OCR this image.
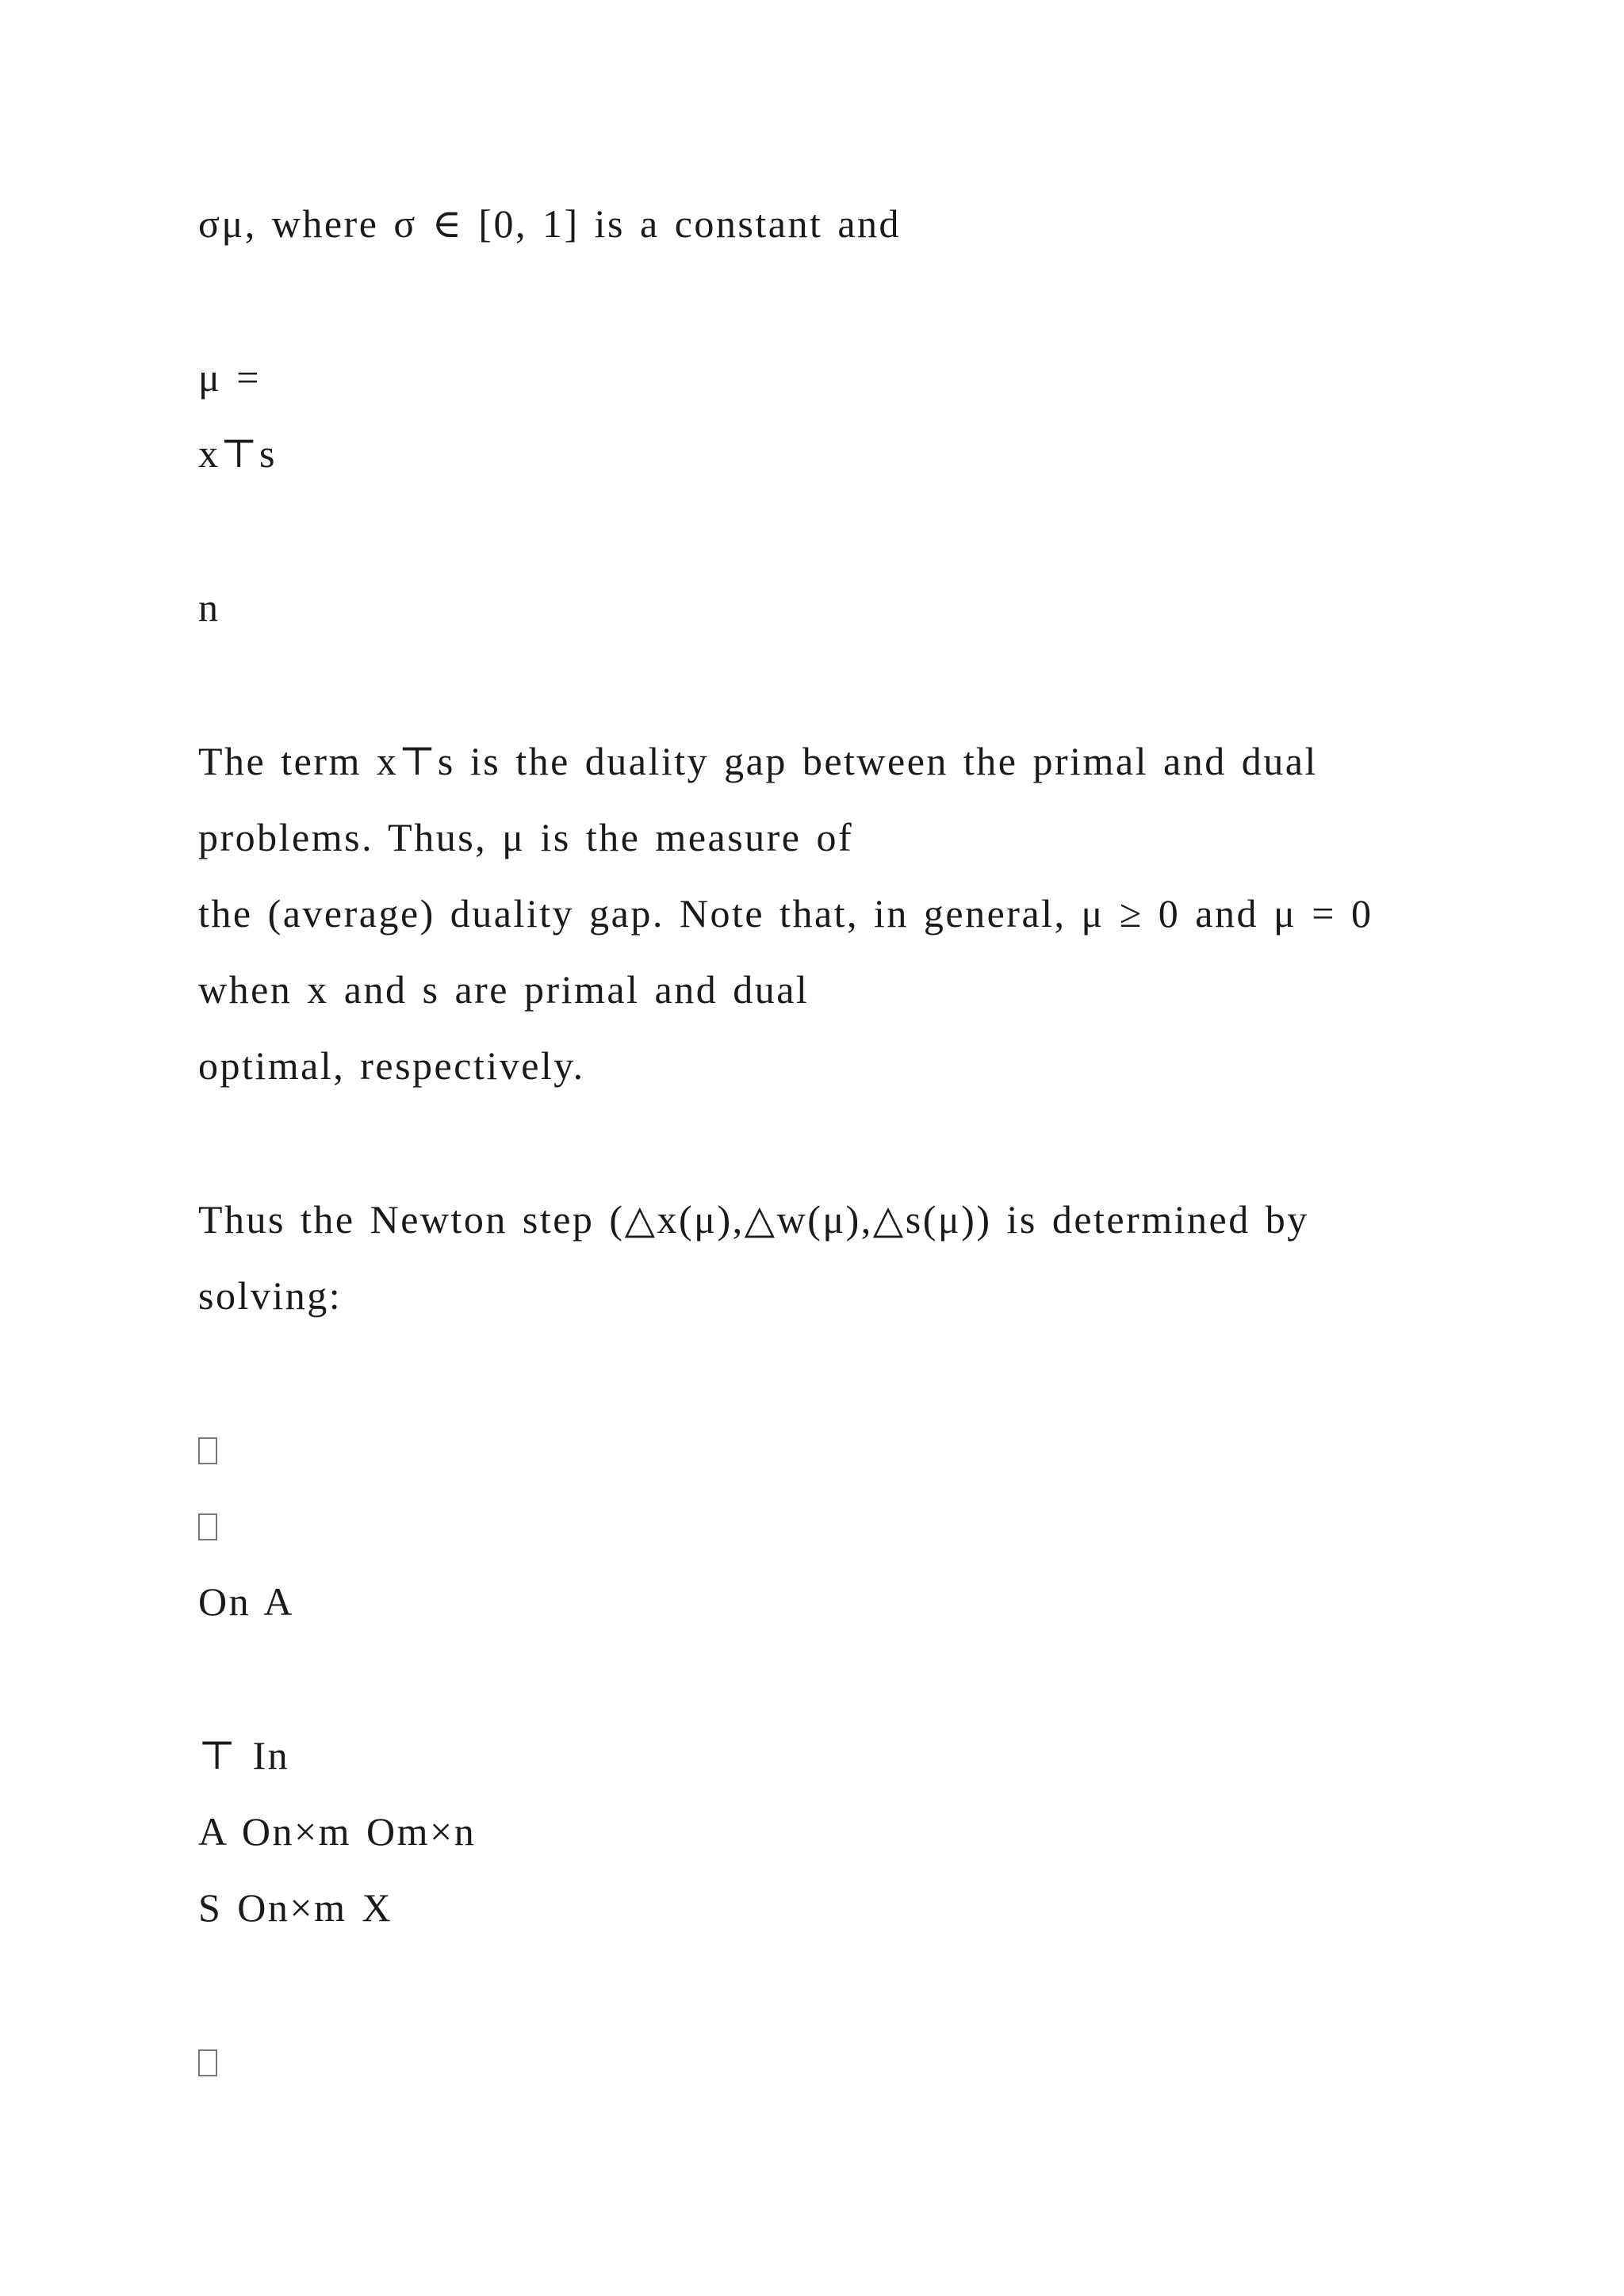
σμ, where σ ∈ [0, 1] is a constant and
μ =
x⊤s
n
The term x⊤s is the duality gap between the primal and dual
problems. Thus, μ is the measure of
the (average) duality gap. Note that, in general, μ ≥ 0 and μ = 0
when x and s are primal and dual
optimal, respectively.
Thus the Newton step (△x(μ),△w(μ),△s(μ)) is determined by
solving:
On A
⊤ In
A On×m Om×n
S On×m X
